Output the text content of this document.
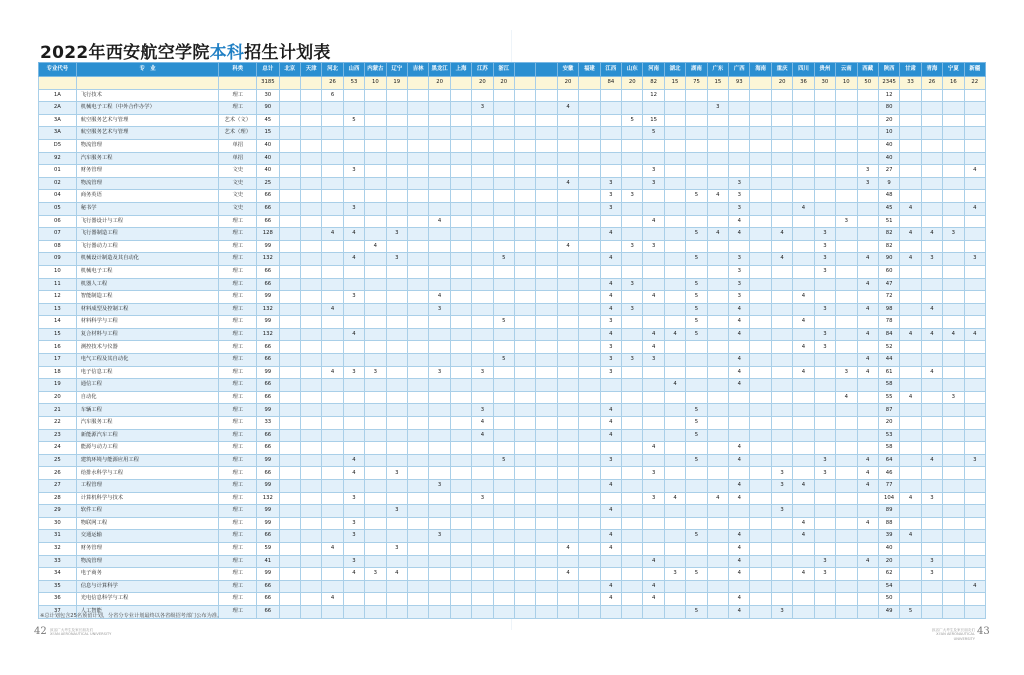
2022年西安航空学院本科招生计划表
专业代号	专　业	科类	总计	北京	天津	河北	山西	内蒙古	辽宁	吉林	黑龙江	上海	江苏	浙江			安徽	福建	江西	山东	河南	湖北	湖南	广东	广西	海南	重庆	四川	贵州	云南	西藏	陕西	甘肃	青海	宁夏	新疆
			3185			26	53	10	19		20		20	20			20		84	20	82	15	75	15	93		20	36	30	10	50	2345	33	26	16	22
1A	飞行技术	理工	30			6															12											12				
2A	机械电子工程（中外合作办学）	理工	90										3				4							3								80				
3A	航空服务艺术与管理	艺术（文）	45				5													5	15											20				
3A	航空服务艺术与管理	艺术（理）	15																		5											10				
D5	物流管理	单招	40																													40				
92	汽车服务工程	单招	40																													40				
01	财务管理	文史	40				3														3										3	27				4
02	物流管理	文史	25														4		3		3				3						3	9				
04	商务英语	文史	66																3	3			5	4	3							48				
05	秘书学	文史	66				3												3						3			4				45	4			4
06	飞行器设计与工程	理工	66								4										4				4					3		51				
07	飞行器制造工程	理工	128			4	4		3										4				5	4	4		4		3			82	4	4	3	
08	飞行器动力工程	理工	99					4									4			3	3								3			82				
09	机械设计制造及其自动化	理工	132				4		3					5					4				5		3		4		3		4	90	4	3		3
10	机械电子工程	理工	66																						3				3			60				
11	机器人工程	理工	66																4	3			5		3						4	47				
12	智能制造工程	理工	99				3				4								4		4		5		3			4				72				
13	材料成型及控制工程	理工	132			4					3								4	3			5		4				3		4	98		4		
14	材料科学与工程	理工	99											5					3				5		4			4				78				
15	复合材料与工程	理工	132				4												4		4	4	5		4				3		4	84	4	4	4	4
16	测控技术与仪器	理工	66																3		4							4	3			52				
17	电气工程及其自动化	理工	66											5					3	3	3				4						4	44				
18	电子信息工程	理工	99			4	3	3			3		3						3						4			4		3	4	61		4		
19	通信工程	理工	66																			4			4							58				
20	自动化	理工	66																											4		55	4		3	
21	车辆工程	理工	99										3						4				5									87				
22	汽车服务工程	理工	33										4						4				5									20				
23	新能源汽车工程	理工	66										4						4				5									53				
24	能源与动力工程	理工	66																		4				4							58				
25	建筑环境与能源应用工程	理工	99				4							5					3				5		4				3		4	64		4		3
26	给排水科学与工程	理工	66				4		3												3						3		3		4	46				
27	工程管理	理工	99								3								4						4		3	4			4	77				
28	计算机科学与技术	理工	132				3						3								3	4		4	4							104	4	3		
29	软件工程	理工	99						3										4								3					89				
30	物联网工程	理工	99				3																					4			4	88				
31	交通运输	理工	66				3				3								4				5		4			4				39	4			
32	财务管理	理工	59			4			3								4		4						4							40				
33	物流管理	理工	41				3														4				4				3		4	20		3		
34	电子商务	理工	99				4	3	4								4					3	5		4			4	3			62		3		
35	信息与计算科学	理工	66																4		4											54				4
36	光电信息科学与工程	理工	66			4													4		4				4							50				
37	人工智能	理工	66																				5		4		3					49	5			
※总计划包含25名预留计划，分省分专业计划最终以各省级招考部门公布为准。
42 致活广大考生及家长朋友们
XI'AN AERONAUTICAL UNIVERSITY
致活广大考生及家长朋友们
XI'AN AERONAUTICAL UNIVERSITY
43
